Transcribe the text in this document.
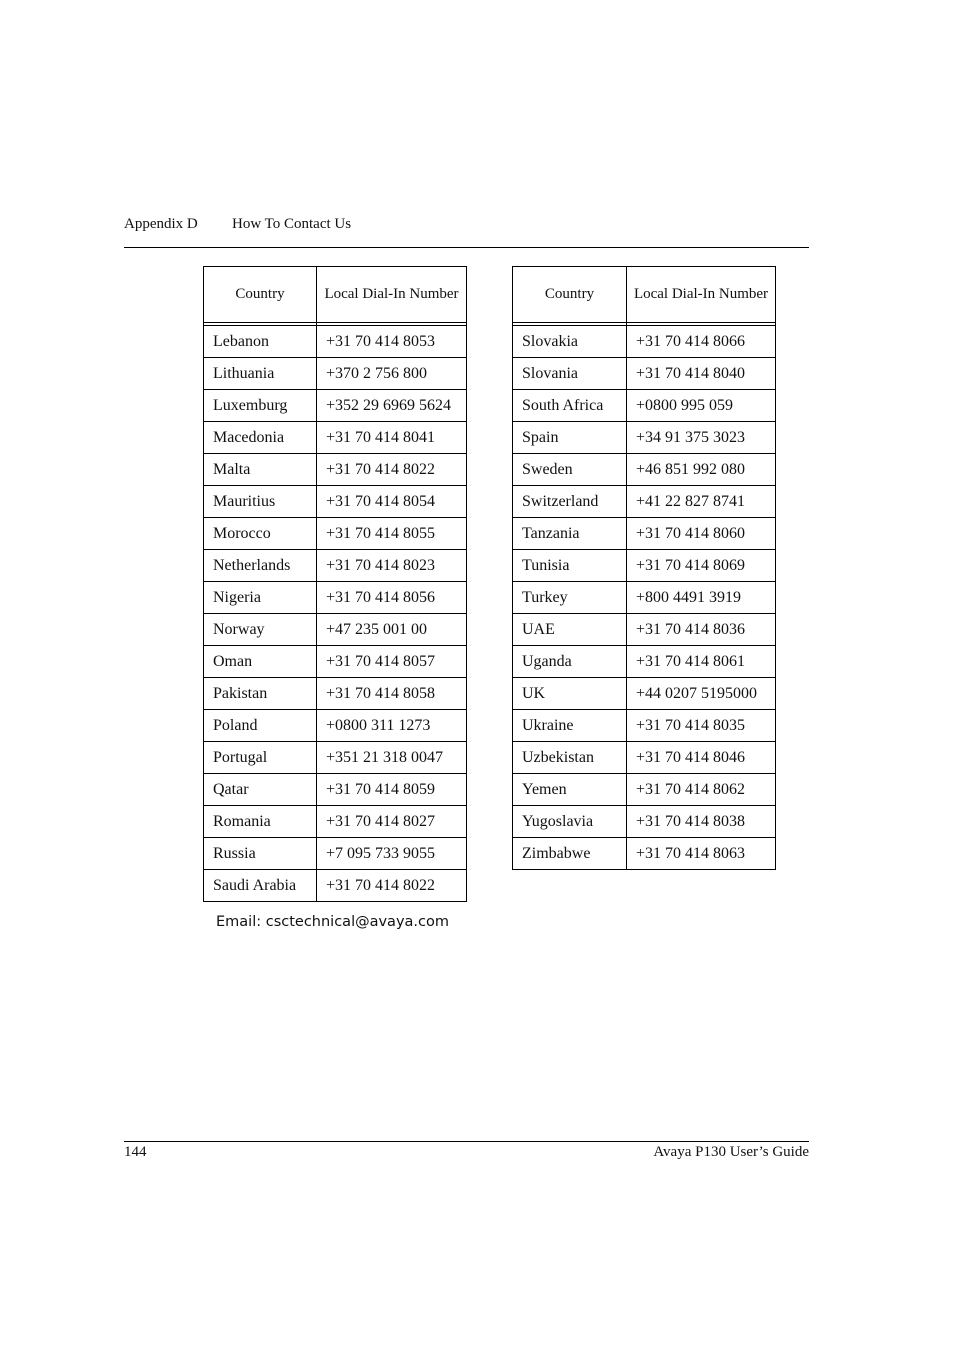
Appendix D How To Contact Us
Country	Local Dial-In Number

Lebanon	+31 70 414 8053
Lithuania	+370 2 756 800
Luxemburg	+352 29 6969 5624
Macedonia	+31 70 414 8041
Malta	+31 70 414 8022
Mauritius	+31 70 414 8054
Morocco	+31 70 414 8055
Netherlands	+31 70 414 8023
Nigeria	+31 70 414 8056
Norway	+47 235 001 00
Oman	+31 70 414 8057
Pakistan	+31 70 414 8058
Poland	+0800 311 1273
Portugal	+351 21 318 0047
Qatar	+31 70 414 8059
Romania	+31 70 414 8027
Russia	+7 095 733 9055
Saudi Arabia	+31 70 414 8022
Country	Local Dial-In Number

Slovakia	+31 70 414 8066
Slovania	+31 70 414 8040
South Africa	+0800 995 059
Spain	+34 91 375 3023
Sweden	+46 851 992 080
Switzerland	+41 22 827 8741
Tanzania	+31 70 414 8060
Tunisia	+31 70 414 8069
Turkey	+800 4491 3919
UAE	+31 70 414 8036
Uganda	+31 70 414 8061
UK	+44 0207 5195000
Ukraine	+31 70 414 8035
Uzbekistan	+31 70 414 8046
Yemen	+31 70 414 8062
Yugoslavia	+31 70 414 8038
Zimbabwe	+31 70 414 8063
Email: csctechnical@avaya.com
144	Avaya P130 User’s Guide
